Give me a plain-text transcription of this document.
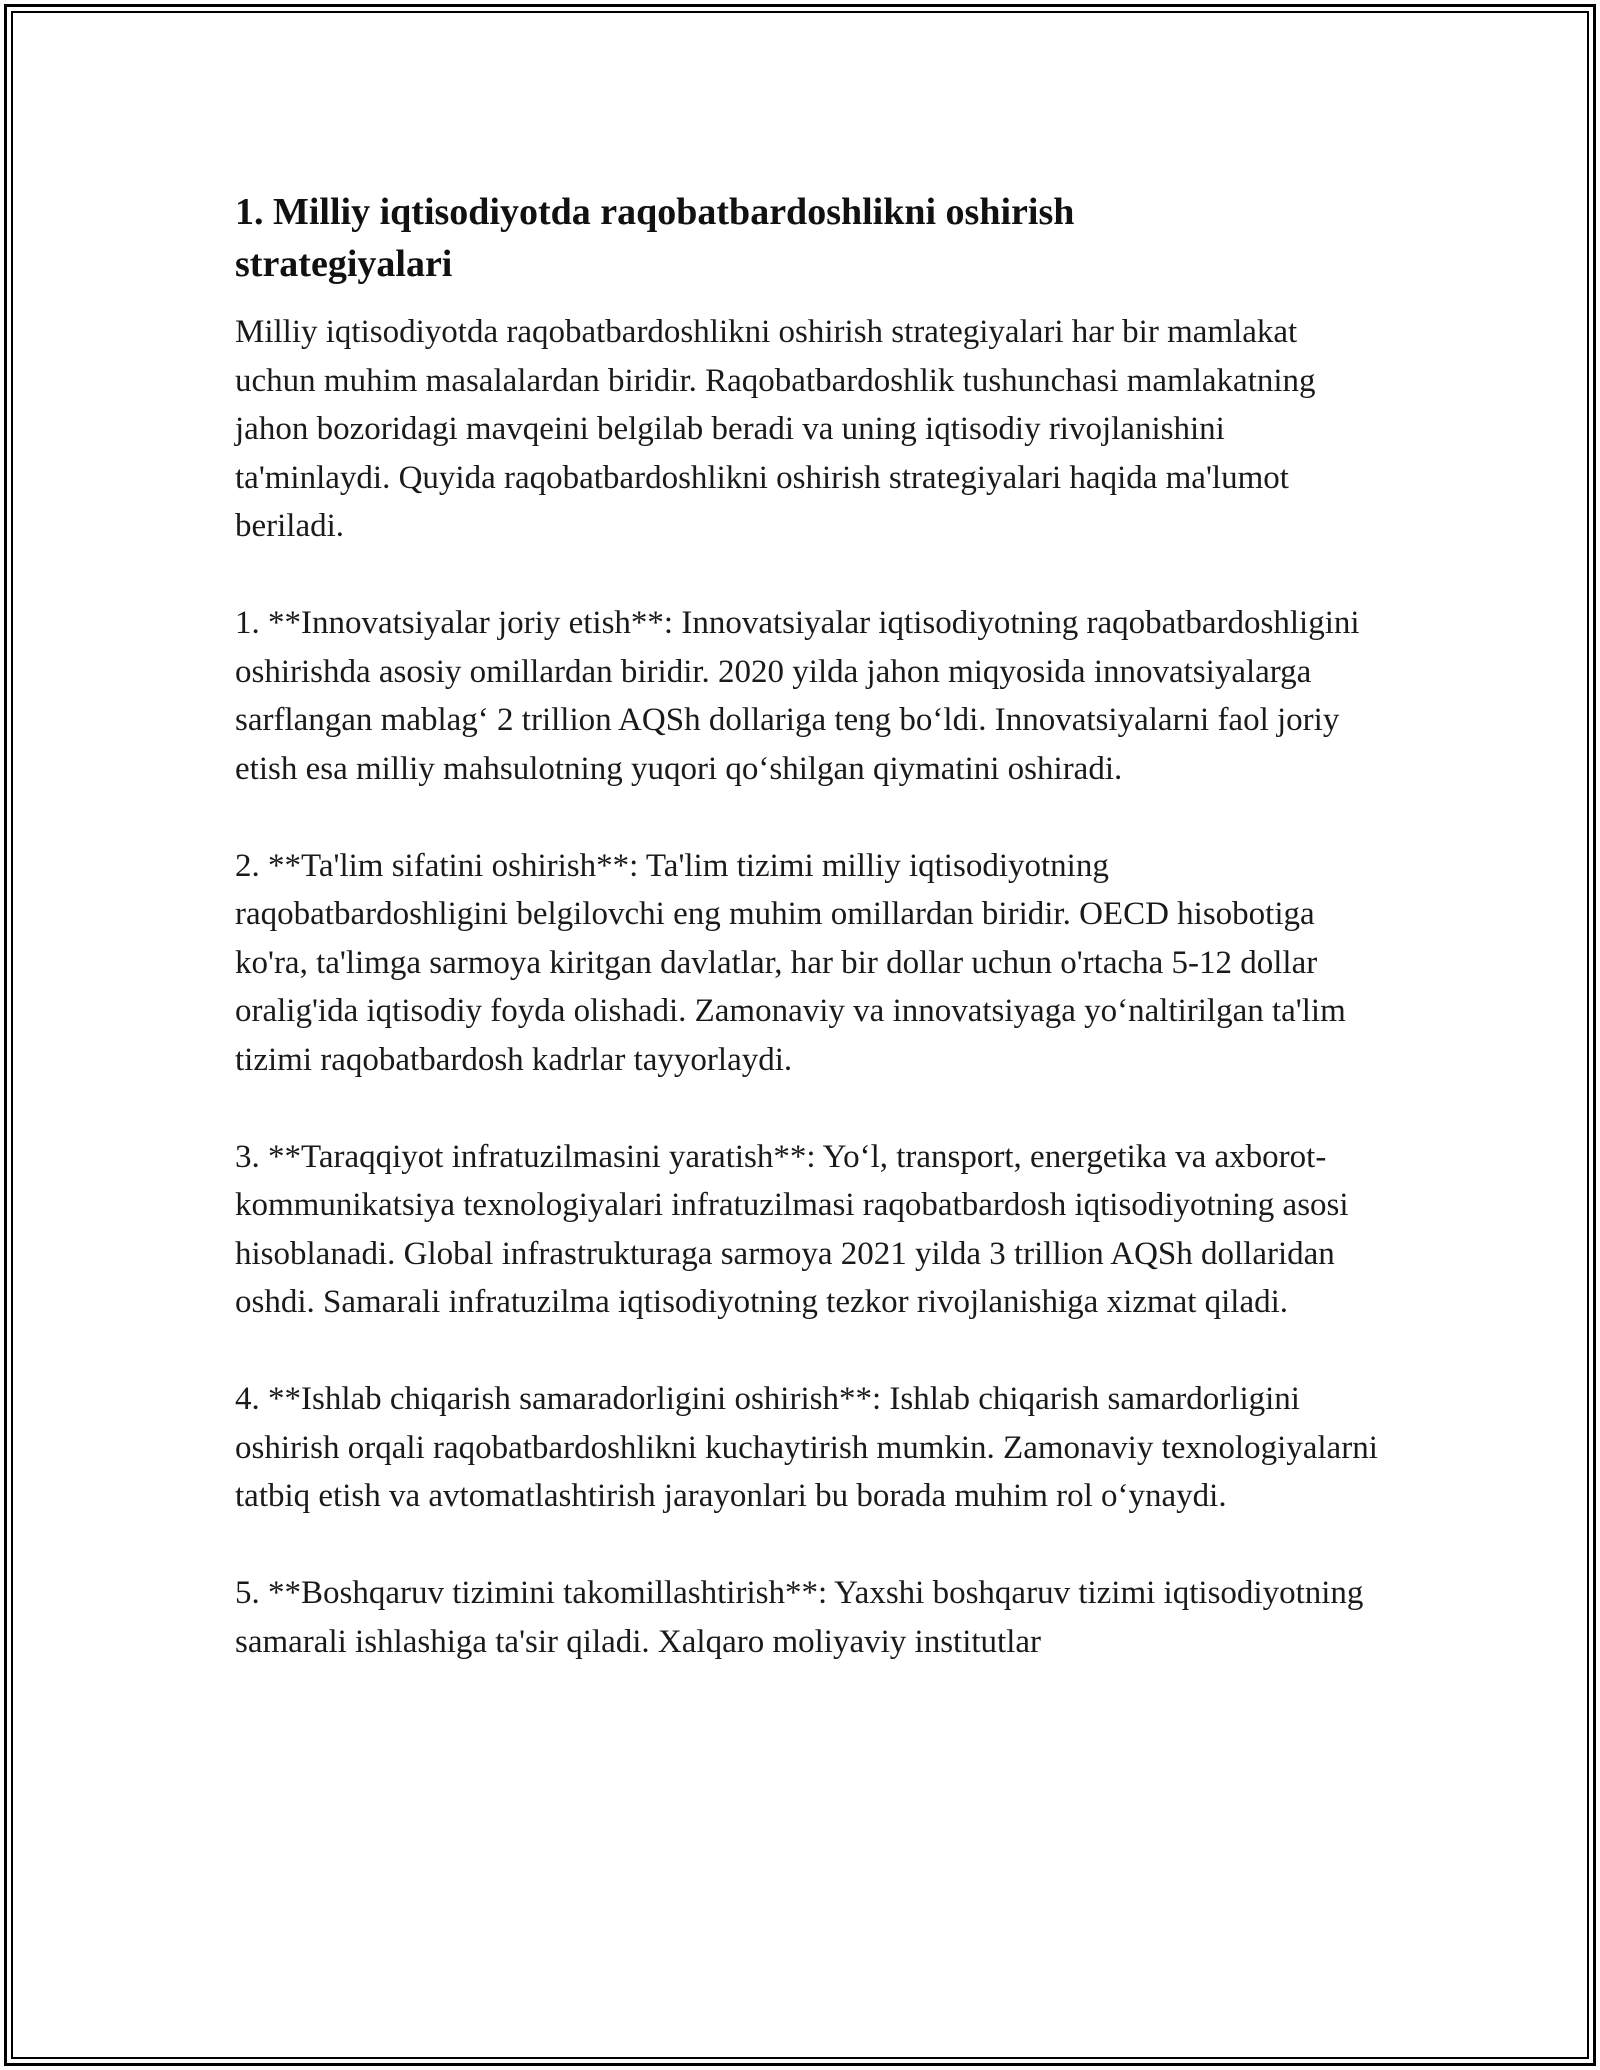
1. Milliy iqtisodiyotda raqobatbardoshlikni oshirish strategiyalari

Milliy iqtisodiyotda raqobatbardoshlikni oshirish strategiyalari har bir mamlakat uchun muhim masalalardan biridir. Raqobatbardoshlik tushunchasi mamlakatning jahon bozoridagi mavqeini belgilab beradi va uning iqtisodiy rivojlanishini ta'minlaydi. Quyida raqobatbardoshlikni oshirish strategiyalari haqida ma'lumot beriladi.

1. **Innovatsiyalar joriy etish**: Innovatsiyalar iqtisodiyotning raqobatbardoshligini oshirishda asosiy omillardan biridir. 2020 yilda jahon miqyosida innovatsiyalarga sarflangan mablag‘ 2 trillion AQSh dollariga teng bo‘ldi. Innovatsiyalarni faol joriy etish esa milliy mahsulotning yuqori qo‘shilgan qiymatini oshiradi.

2. **Ta'lim sifatini oshirish**: Ta'lim tizimi milliy iqtisodiyotning raqobatbardoshligini belgilovchi eng muhim omillardan biridir. OECD hisobotiga ko'ra, ta'limga sarmoya kiritgan davlatlar, har bir dollar uchun o'rtacha 5-12 dollar oralig'ida iqtisodiy foyda olishadi. Zamonaviy va innovatsiyaga yo‘naltirilgan ta'lim tizimi raqobatbardosh kadrlar tayyorlaydi.

3. **Taraqqiyot infratuzilmasini yaratish**: Yo‘l, transport, energetika va axborot-kommunikatsiya texnologiyalari infratuzilmasi raqobatbardosh iqtisodiyotning asosi hisoblanadi. Global infrastrukturaga sarmoya 2021 yilda 3 trillion AQSh dollaridan oshdi. Samarali infratuzilma iqtisodiyotning tezkor rivojlanishiga xizmat qiladi.

4. **Ishlab chiqarish samaradorligini oshirish**: Ishlab chiqarish samardorligini oshirish orqali raqobatbardoshlikni kuchaytirish mumkin. Zamonaviy texnologiyalarni tatbiq etish va avtomatlashtirish jarayonlari bu borada muhim rol o‘ynaydi.

5. **Boshqaruv tizimini takomillashtirish**: Yaxshi boshqaruv tizimi iqtisodiyotning samarali ishlashiga ta'sir qiladi. Xalqaro moliyaviy institutlar
